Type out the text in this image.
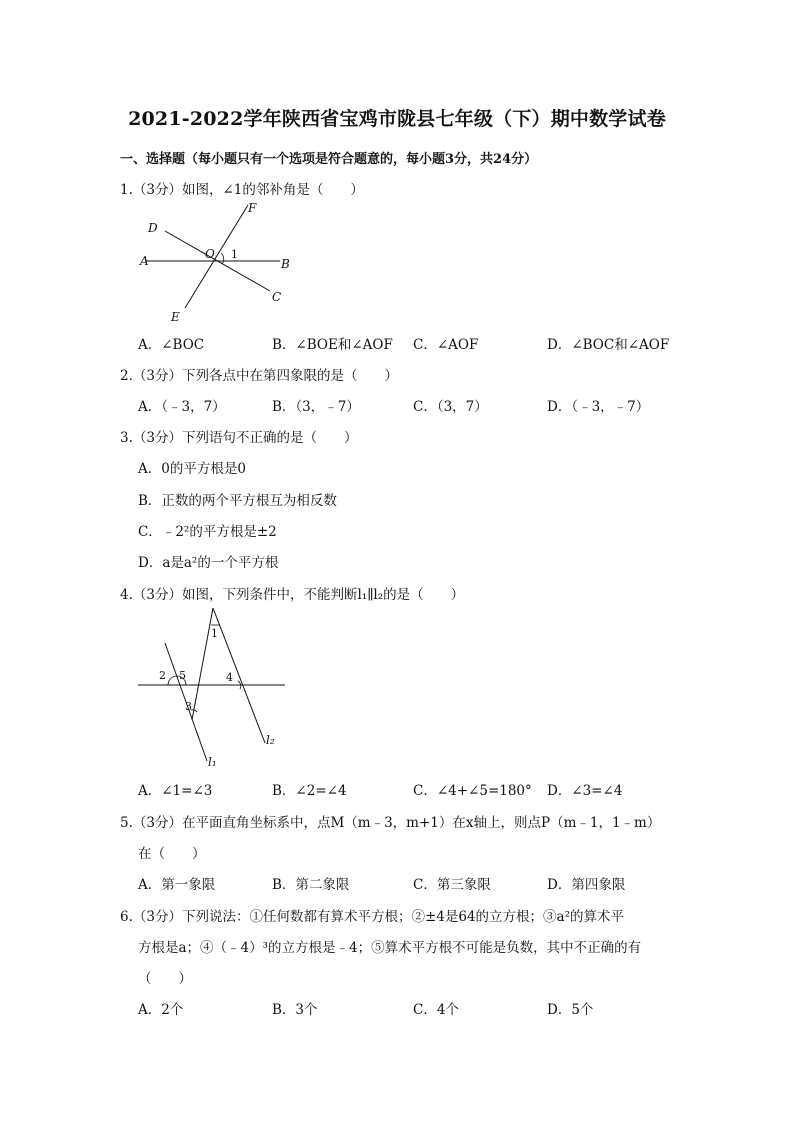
2021-2022学年陕西省宝鸡市陇县七年级（下）期中数学试卷
一、选择题（每小题只有一个选项是符合题意的，每小题3分，共24分）
1.（3分）如图，∠1的邻补角是（　　）
F
D
O 1
A	B
C
E
A．∠BOC	B．∠BOE和∠AOF C．∠AOF	D．∠BOC和∠AOF
2.（3分）下列各点中在第四象限的是（　　）
A．（﹣3，7）	B．（3，﹣7）	C．（3，7）	D．（﹣3，﹣7）
3.（3分）下列语句不正确的是（　　）
A．0的平方根是0
B．正数的两个平方根互为相反数
C．﹣2²的平方根是±2
D．a是a²的一个平方根
4.（3分）如图，下列条件中，不能判断l₁∥l₂的是（　　）
1
2 5	4
3
l₂
l₁
A．∠1=∠3	B．∠2=∠4	C．∠4+∠5=180° D．∠3=∠4
5.（3分）在平面直角坐标系中，点M（m﹣3，m+1）在x轴上，则点P（m﹣1，1﹣m）
在（　　）
A．第一象限	B．第二象限	C．第三象限	D．第四象限
6.（3分）下列说法：①任何数都有算术平方根；②±4是64的立方根；③a²的算术平
方根是a；④（﹣4）³的立方根是﹣4；⑤算术平方根不可能是负数，其中不正确的有
（　　）
A．2个	B．3个	C．4个	D．5个
